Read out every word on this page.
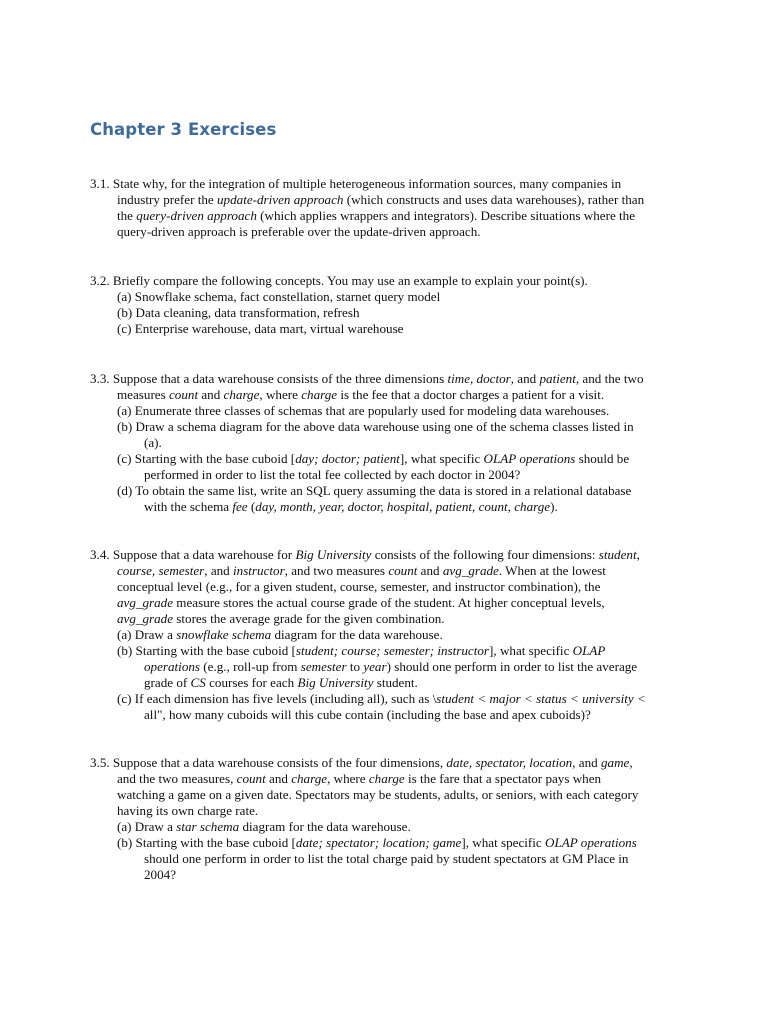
Chapter 3 Exercises
3.1. State why, for the integration of multiple heterogeneous information sources, many companies in
industry prefer the update-driven approach (which constructs and uses data warehouses), rather than
the query-driven approach (which applies wrappers and integrators). Describe situations where the
query-driven approach is preferable over the update-driven approach.
3.2. Briefly compare the following concepts. You may use an example to explain your point(s).
(a) Snowflake schema, fact constellation, starnet query model
(b) Data cleaning, data transformation, refresh
(c) Enterprise warehouse, data mart, virtual warehouse
3.3. Suppose that a data warehouse consists of the three dimensions time, doctor, and patient, and the two
measures count and charge, where charge is the fee that a doctor charges a patient for a visit.
(a) Enumerate three classes of schemas that are popularly used for modeling data warehouses.
(b) Draw a schema diagram for the above data warehouse using one of the schema classes listed in
(a).
(c) Starting with the base cuboid [day; doctor; patient], what specific OLAP operations should be
performed in order to list the total fee collected by each doctor in 2004?
(d) To obtain the same list, write an SQL query assuming the data is stored in a relational database
with the schema fee (day, month, year, doctor, hospital, patient, count, charge).
3.4. Suppose that a data warehouse for Big University consists of the following four dimensions: student,
course, semester, and instructor, and two measures count and avg_grade. When at the lowest
conceptual level (e.g., for a given student, course, semester, and instructor combination), the
avg_grade measure stores the actual course grade of the student. At higher conceptual levels,
avg_grade stores the average grade for the given combination.
(a) Draw a snowflake schema diagram for the data warehouse.
(b) Starting with the base cuboid [student; course; semester; instructor], what specific OLAP
operations (e.g., roll-up from semester to year) should one perform in order to list the average
grade of CS courses for each Big University student.
(c) If each dimension has five levels (including all), such as \student < major < status < university <
all", how many cuboids will this cube contain (including the base and apex cuboids)?
3.5. Suppose that a data warehouse consists of the four dimensions, date, spectator, location, and game,
and the two measures, count and charge, where charge is the fare that a spectator pays when
watching a game on a given date. Spectators may be students, adults, or seniors, with each category
having its own charge rate.
(a) Draw a star schema diagram for the data warehouse.
(b) Starting with the base cuboid [date; spectator; location; game], what specific OLAP operations
should one perform in order to list the total charge paid by student spectators at GM Place in
2004?
